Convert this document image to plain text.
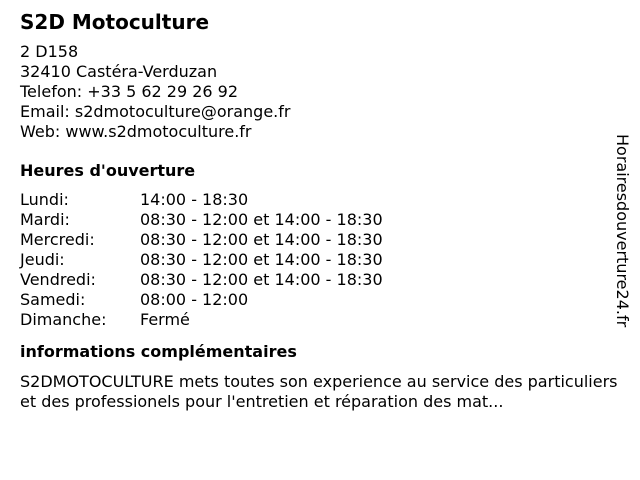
S2D Motoculture
2 D158
32410 Castéra-Verduzan
Telefon: +33 5 62 29 26 92
Email: s2dmotoculture@orange.fr
Web: www.s2dmotoculture.fr
Heures d'ouverture
Lundi:	14:00 - 18:30
Mardi:	08:30 - 12:00 et 14:00 - 18:30
Mercredi:	08:30 - 12:00 et 14:00 - 18:30
Jeudi:	08:30 - 12:00 et 14:00 - 18:30
Vendredi:	08:30 - 12:00 et 14:00 - 18:30
Samedi:	08:00 - 12:00
Dimanche:	Fermé
informations complémentaires
S2DMOTOCULTURE mets toutes son experience au service des particuliers et des professionels pour l'entretien et réparation des mat...
Horairesdouverture24.fr
